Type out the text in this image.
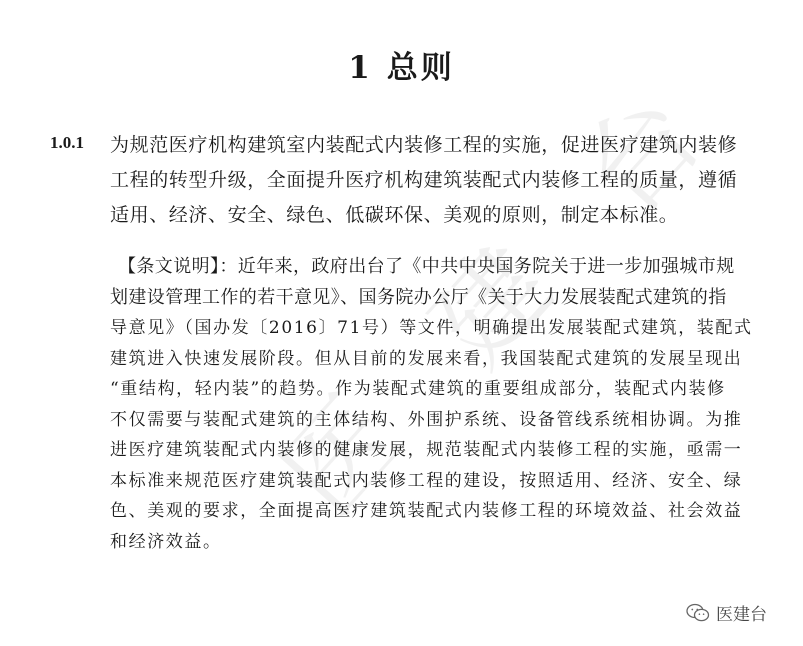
医
建
台
1 总则
1.0.1 为规范医疗机构建筑室内装配式内装修工程的实施，促进医疗建筑内装修
工程的转型升级，全面提升医疗机构建筑装配式内装修工程的质量，遵循
适用、经济、安全、绿色、低碳环保、美观的原则，制定本标准。
【条文说明】：近年来，政府出台了《中共中央国务院关于进一步加强城市规
划建设管理工作的若干意见》、国务院办公厅《关于大力发展装配式建筑的指
导意见》（国办发〔2016〕71号）等文件，明确提出发展装配式建筑，装配式
建筑进入快速发展阶段。但从目前的发展来看，我国装配式建筑的发展呈现出
“重结构，轻内装”的趋势。作为装配式建筑的重要组成部分，装配式内装修
不仅需要与装配式建筑的主体结构、外围护系统、设备管线系统相协调。为推
进医疗建筑装配式内装修的健康发展，规范装配式内装修工程的实施，亟需一
本标准来规范医疗建筑装配式内装修工程的建设，按照适用、经济、安全、绿
色、美观的要求，全面提高医疗建筑装配式内装修工程的环境效益、社会效益
和经济效益。
医建台
